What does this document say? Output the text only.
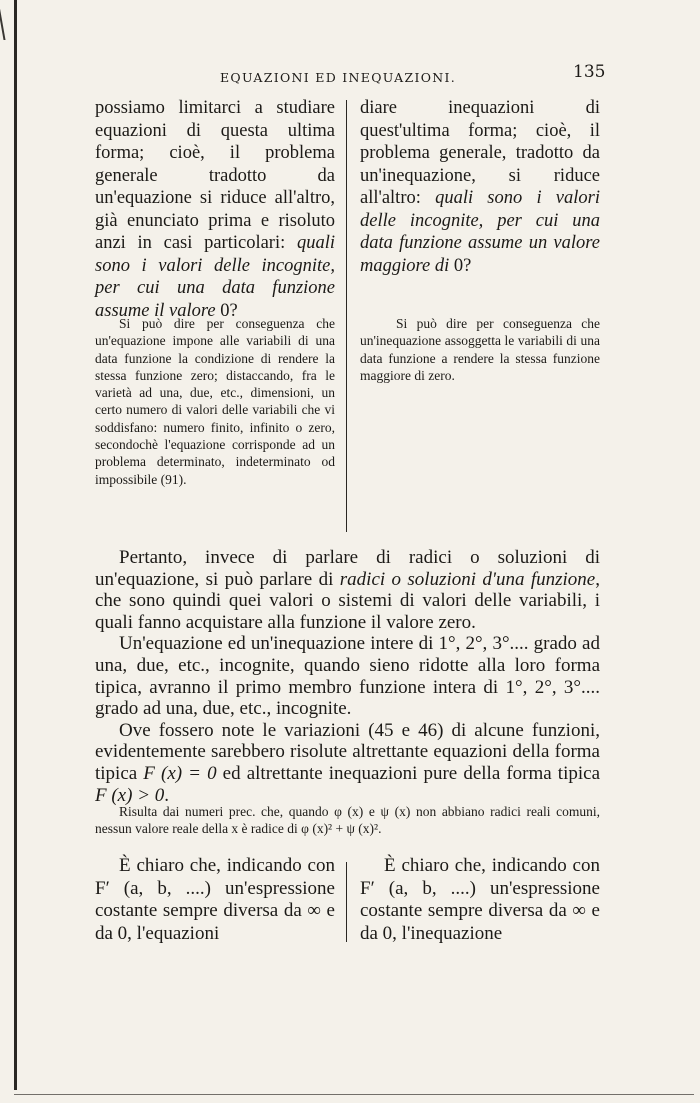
EQUAZIONI ED INEQUAZIONI.	135
possiamo limitarci a studiare equazioni di questa ultima forma; cioè, il problema generale tradotto da un'equazione si riduce all'altro, già enunciato prima e risoluto anzi in casi particolari: quali sono i valori delle incognite, per cui una data funzione assume il valore 0?
diare inequazioni di quest'ultima forma; cioè, il problema generale, tradotto da un'inequazione, si riduce all'altro: quali sono i valori delle incognite, per cui una data funzione assume un valore maggiore di 0?
Si può dire per conseguenza che un'equazione impone alle variabili di una data funzione la condizione di rendere la stessa funzione zero; distaccando, fra le varietà ad una, due, etc., dimensioni, un certo numero di valori delle variabili che vi soddisfano: numero finito, infinito o zero, secondochè l'equazione corrisponde ad un problema determinato, indeterminato od impossibile (91).
Si può dire per conseguenza che un'inequazione assoggetta le variabili di una data funzione a rendere la stessa funzione maggiore di zero.

Pertanto, invece di parlare di radici o soluzioni di un'equazione, si può parlare di radici o soluzioni d'una funzione, che sono quindi quei valori o sistemi di valori delle variabili, i quali fanno acquistare alla funzione il valore zero.

Un'equazione ed un'inequazione intere di 1°, 2°, 3°.... grado ad una, due, etc., incognite, quando sieno ridotte alla loro forma tipica, avranno il primo membro funzione intera di 1°, 2°, 3°.... grado ad una, due, etc., incognite.

Ove fossero note le variazioni (45 e 46) di alcune funzioni, evidentemente sarebbero risolute altrettante equazioni della forma tipica F (x) = 0 ed altrettante inequazioni pure della forma tipica F (x) > 0.

Risulta dai numeri prec. che, quando φ (x) e ψ (x) non abbiano radici reali comuni, nessun valore reale della x è radice di φ (x)² + ψ (x)².
È chiaro che, indicando con F′ (a, b, ....) un'espressione costante sempre diversa da ∞ e da 0, l'equazioni
È chiaro che, indicando con F′ (a, b, ....) un'espressione costante sempre diversa da ∞ e da 0, l'inequazione
